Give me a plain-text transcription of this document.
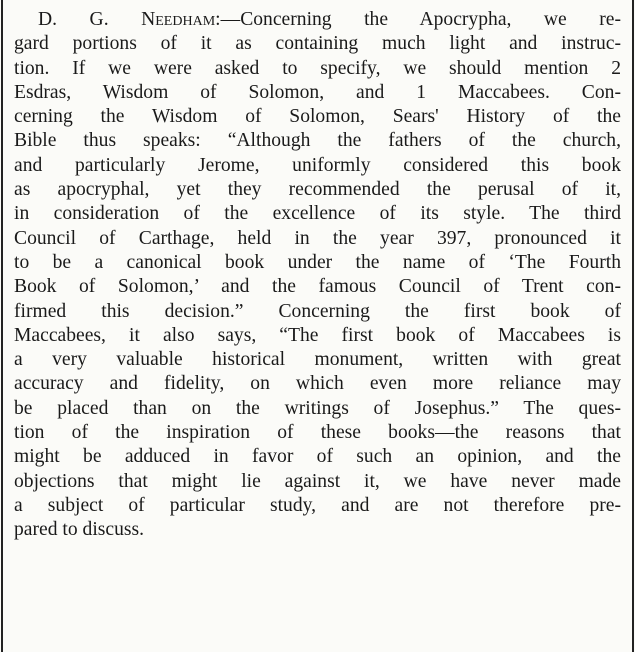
D. G. Needham:—Concerning the Apocrypha, we re-
gard portions of it as containing much light and instruc-
tion. If we were asked to specify, we should mention 2
Esdras, Wisdom of Solomon, and 1 Maccabees. Con-
cerning the Wisdom of Solomon, Sears' History of the
Bible thus speaks: “Although the fathers of the church,
and particularly Jerome, uniformly considered this book
as apocryphal, yet they recommended the perusal of it,
in consideration of the excellence of its style. The third
Council of Carthage, held in the year 397, pronounced it
to be a canonical book under the name of ‘The Fourth
Book of Solomon,’ and the famous Council of Trent con-
firmed this decision.” Concerning the first book of
Maccabees, it also says, “The first book of Maccabees is
a very valuable historical monument, written with great
accuracy and fidelity, on which even more reliance may
be placed than on the writings of Josephus.” The ques-
tion of the inspiration of these books—the reasons that
might be adduced in favor of such an opinion, and the
objections that might lie against it, we have never made
a subject of particular study, and are not therefore pre-
pared to discuss.
